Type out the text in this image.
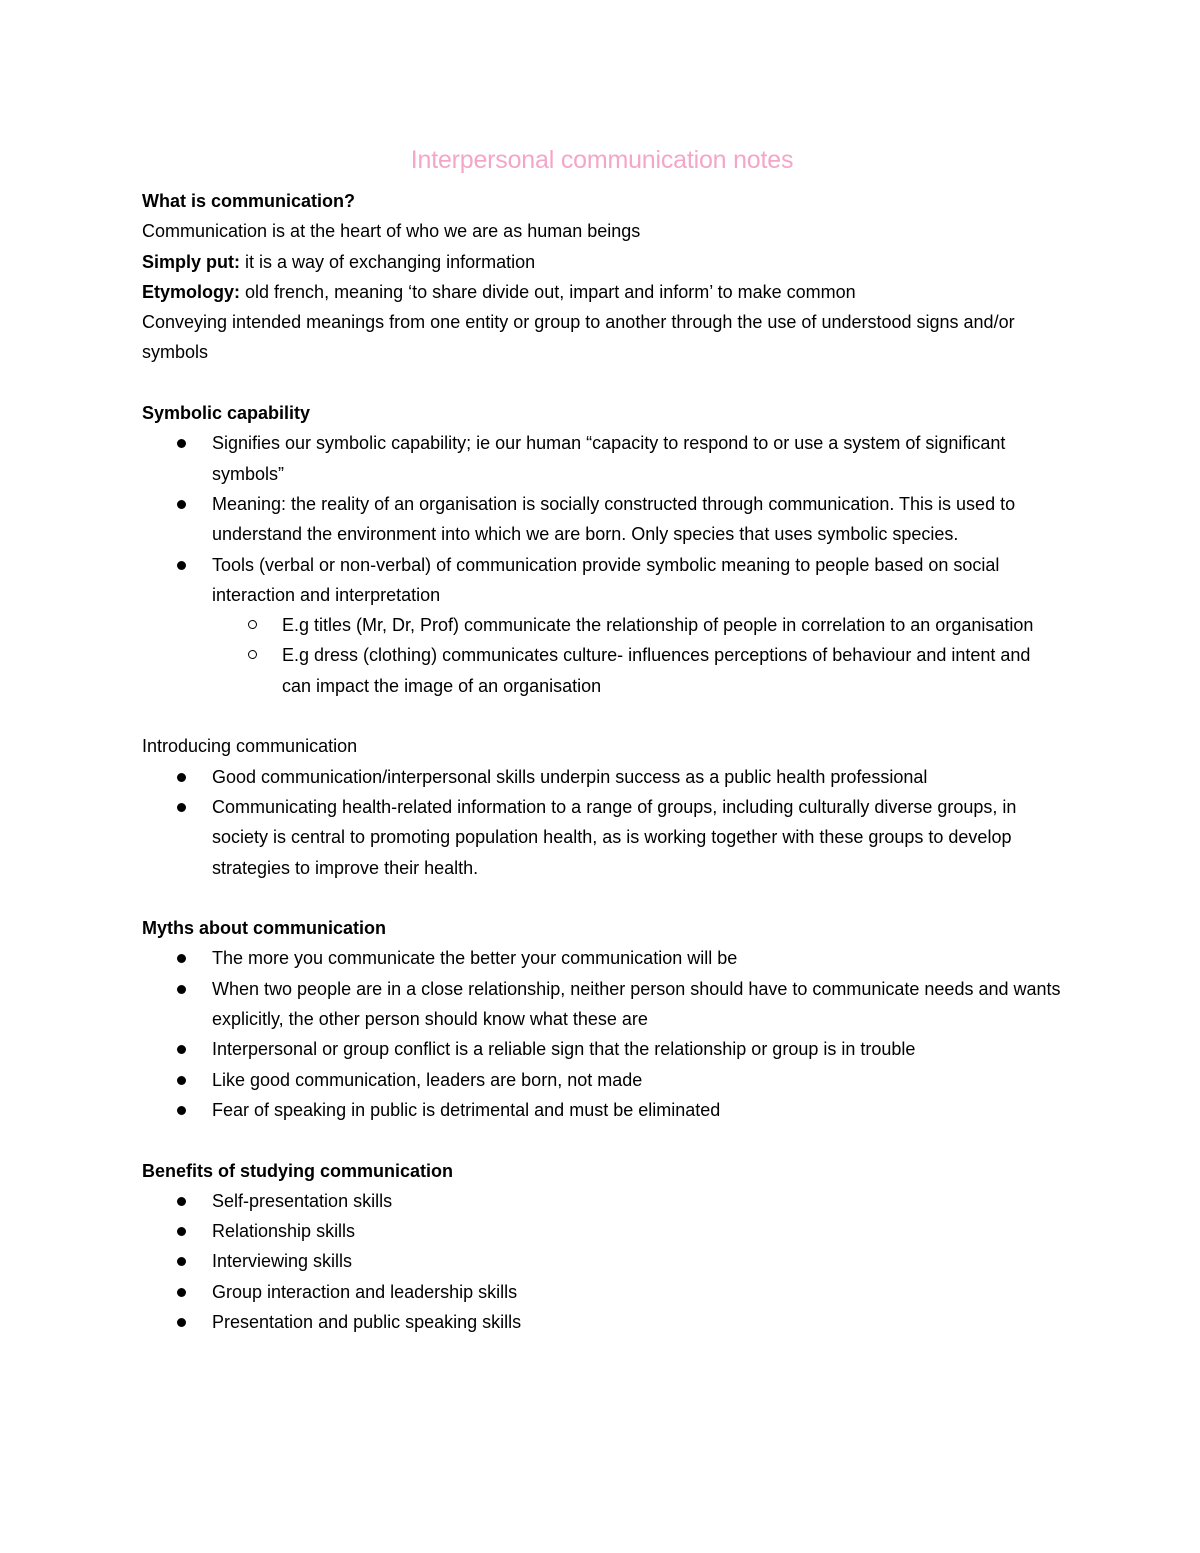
Interpersonal communication notes

What is communication?

Communication is at the heart of who we are as human beings

Simply put: it is a way of exchanging information

Etymology: old french, meaning ‘to share divide out, impart and inform’ to make common

Conveying intended meanings from one entity or group to another through the use of understood signs and/or symbols

Symbolic capability

Signifies our symbolic capability; ie our human “capacity to respond to or use a system of significant symbols”
Meaning: the reality of an organisation is socially constructed through communication. This is used to understand the environment into which we are born. Only species that uses symbolic species.
Tools (verbal or non-verbal) of communication provide symbolic meaning to people based on social interaction and interpretation
E.g titles (Mr, Dr, Prof) communicate the relationship of people in correlation to an organisation
E.g dress (clothing) communicates culture- influences perceptions of behaviour and intent and can impact the image of an organisation

Introducing communication

Good communication/interpersonal skills underpin success as a public health professional
Communicating health-related information to a range of groups, including culturally diverse groups, in society is central to promoting population health, as is working together with these groups to develop strategies to improve their health.

Myths about communication

The more you communicate the better your communication will be
When two people are in a close relationship, neither person should have to communicate needs and wants explicitly, the other person should know what these are
Interpersonal or group conflict is a reliable sign that the relationship or group is in trouble
Like good communication, leaders are born, not made
Fear of speaking in public is detrimental and must be eliminated

Benefits of studying communication

Self-presentation skills
Relationship skills
Interviewing skills
Group interaction and leadership skills
Presentation and public speaking skills
